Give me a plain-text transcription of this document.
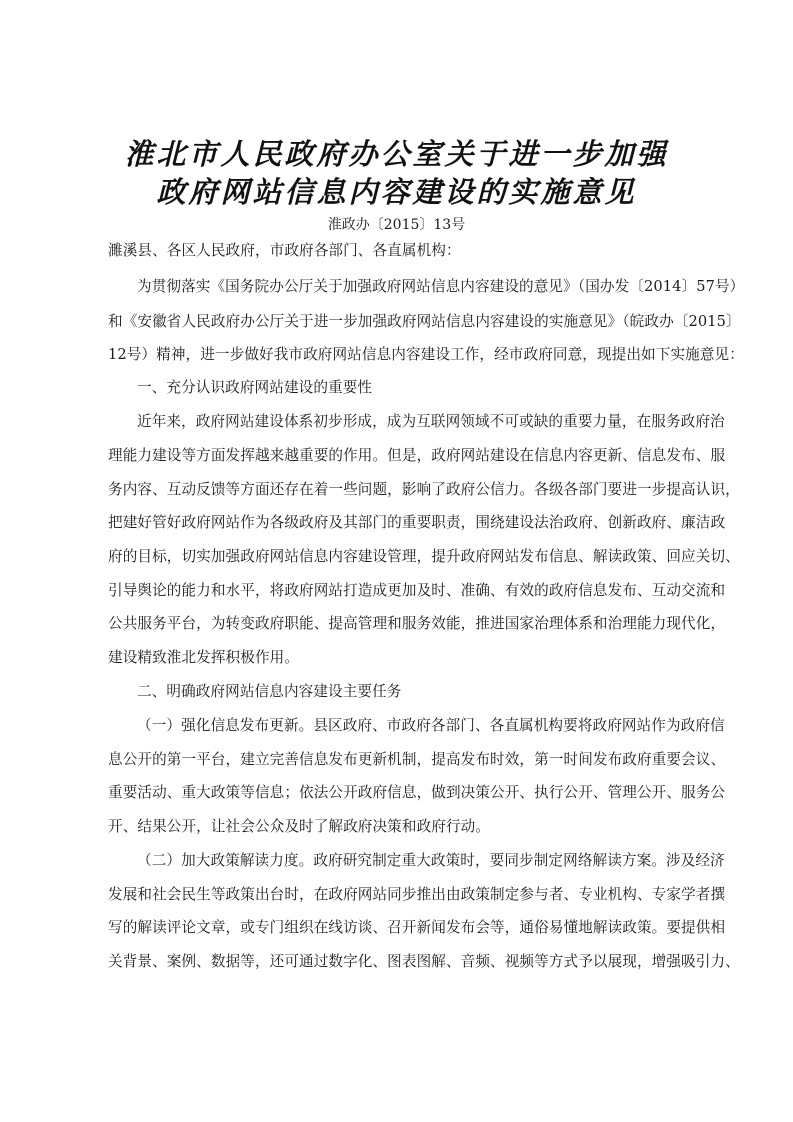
淮北市人民政府办公室关于进一步加强
政府网站信息内容建设的实施意见
淮政办〔2015〕13号
濉溪县、各区人民政府，市政府各部门、各直属机构：
为贯彻落实《国务院办公厅关于加强政府网站信息内容建设的意见》（国办发〔2014〕57号）
和《安徽省人民政府办公厅关于进一步加强政府网站信息内容建设的实施意见》（皖政办〔2015〕
12号）精神，进一步做好我市政府网站信息内容建设工作，经市政府同意，现提出如下实施意见：
一、充分认识政府网站建设的重要性
近年来，政府网站建设体系初步形成，成为互联网领域不可或缺的重要力量，在服务政府治
理能力建设等方面发挥越来越重要的作用。但是，政府网站建设在信息内容更新、信息发布、服
务内容、互动反馈等方面还存在着一些问题，影响了政府公信力。各级各部门要进一步提高认识，
把建好管好政府网站作为各级政府及其部门的重要职责，围绕建设法治政府、创新政府、廉洁政
府的目标，切实加强政府网站信息内容建设管理，提升政府网站发布信息、解读政策、回应关切、
引导舆论的能力和水平，将政府网站打造成更加及时、准确、有效的政府信息发布、互动交流和
公共服务平台，为转变政府职能、提高管理和服务效能，推进国家治理体系和治理能力现代化，
建设精致淮北发挥积极作用。
二、明确政府网站信息内容建设主要任务
（一）强化信息发布更新。县区政府、市政府各部门、各直属机构要将政府网站作为政府信
息公开的第一平台，建立完善信息发布更新机制，提高发布时效，第一时间发布政府重要会议、
重要活动、重大政策等信息；依法公开政府信息，做到决策公开、执行公开、管理公开、服务公
开、结果公开，让社会公众及时了解政府决策和政府行动。
（二）加大政策解读力度。政府研究制定重大政策时，要同步制定网络解读方案。涉及经济
发展和社会民生等政策出台时，在政府网站同步推出由政策制定参与者、专业机构、专家学者撰
写的解读评论文章，或专门组织在线访谈、召开新闻发布会等，通俗易懂地解读政策。要提供相
关背景、案例、数据等，还可通过数字化、图表图解、音频、视频等方式予以展现，增强吸引力、
